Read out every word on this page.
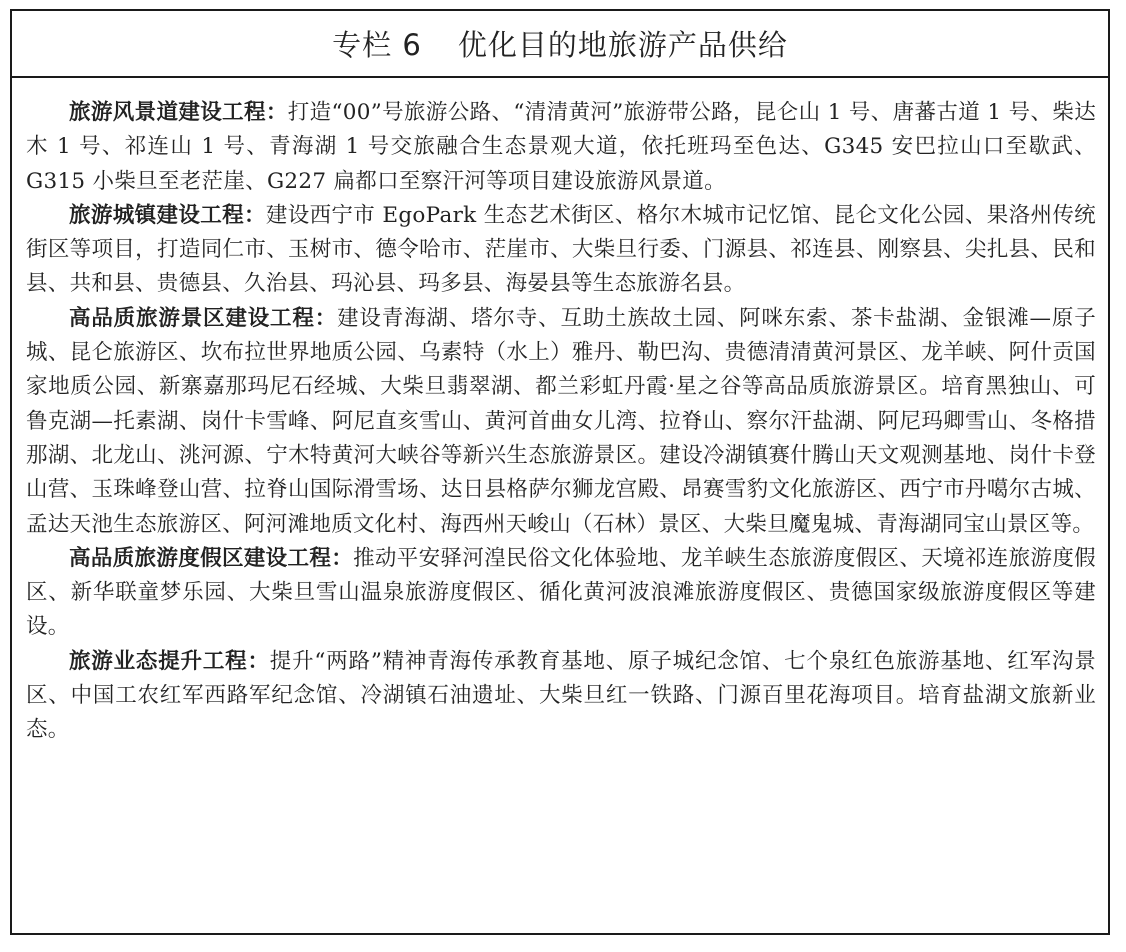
专栏 6 优化目的地旅游产品供给

旅游风景道建设工程：打造“00”号旅游公路、“清清黄河”旅游带公路，昆仑山 1 号、唐蕃古道 1 号、柴达木 1 号、祁连山 1 号、青海湖 1 号交旅融合生态景观大道，依托班玛至色达、G345 安巴拉山口至歇武、G315 小柴旦至老茫崖、G227 扁都口至察汗河等项目建设旅游风景道。

旅游城镇建设工程：建设西宁市 EgoPark 生态艺术街区、格尔木城市记忆馆、昆仑文化公园、果洛州传统街区等项目，打造同仁市、玉树市、德令哈市、茫崖市、大柴旦行委、门源县、祁连县、刚察县、尖扎县、民和县、共和县、贵德县、久治县、玛沁县、玛多县、海晏县等生态旅游名县。

高品质旅游景区建设工程：建设青海湖、塔尔寺、互助土族故土园、阿咪东索、茶卡盐湖、金银滩—原子城、昆仑旅游区、坎布拉世界地质公园、乌素特（水上）雅丹、勒巴沟、贵德清清黄河景区、龙羊峡、阿什贡国家地质公园、新寨嘉那玛尼石经城、大柴旦翡翠湖、都兰彩虹丹霞·星之谷等高品质旅游景区。培育黑独山、可鲁克湖—托素湖、岗什卡雪峰、阿尼直亥雪山、黄河首曲女儿湾、拉脊山、察尔汗盐湖、阿尼玛卿雪山、冬格措那湖、北龙山、洮河源、宁木特黄河大峡谷等新兴生态旅游景区。建设冷湖镇赛什腾山天文观测基地、岗什卡登山营、玉珠峰登山营、拉脊山国际滑雪场、达日县格萨尔狮龙宫殿、昂赛雪豹文化旅游区、西宁市丹噶尔古城、孟达天池生态旅游区、阿河滩地质文化村、海西州天峻山（石林）景区、大柴旦魔鬼城、青海湖同宝山景区等。

高品质旅游度假区建设工程：推动平安驿河湟民俗文化体验地、龙羊峡生态旅游度假区、天境祁连旅游度假区、新华联童梦乐园、大柴旦雪山温泉旅游度假区、循化黄河波浪滩旅游度假区、贵德国家级旅游度假区等建设。

旅游业态提升工程：提升“两路”精神青海传承教育基地、原子城纪念馆、七个泉红色旅游基地、红军沟景区、中国工农红军西路军纪念馆、冷湖镇石油遗址、大柴旦红一铁路、门源百里花海项目。培育盐湖文旅新业态。
